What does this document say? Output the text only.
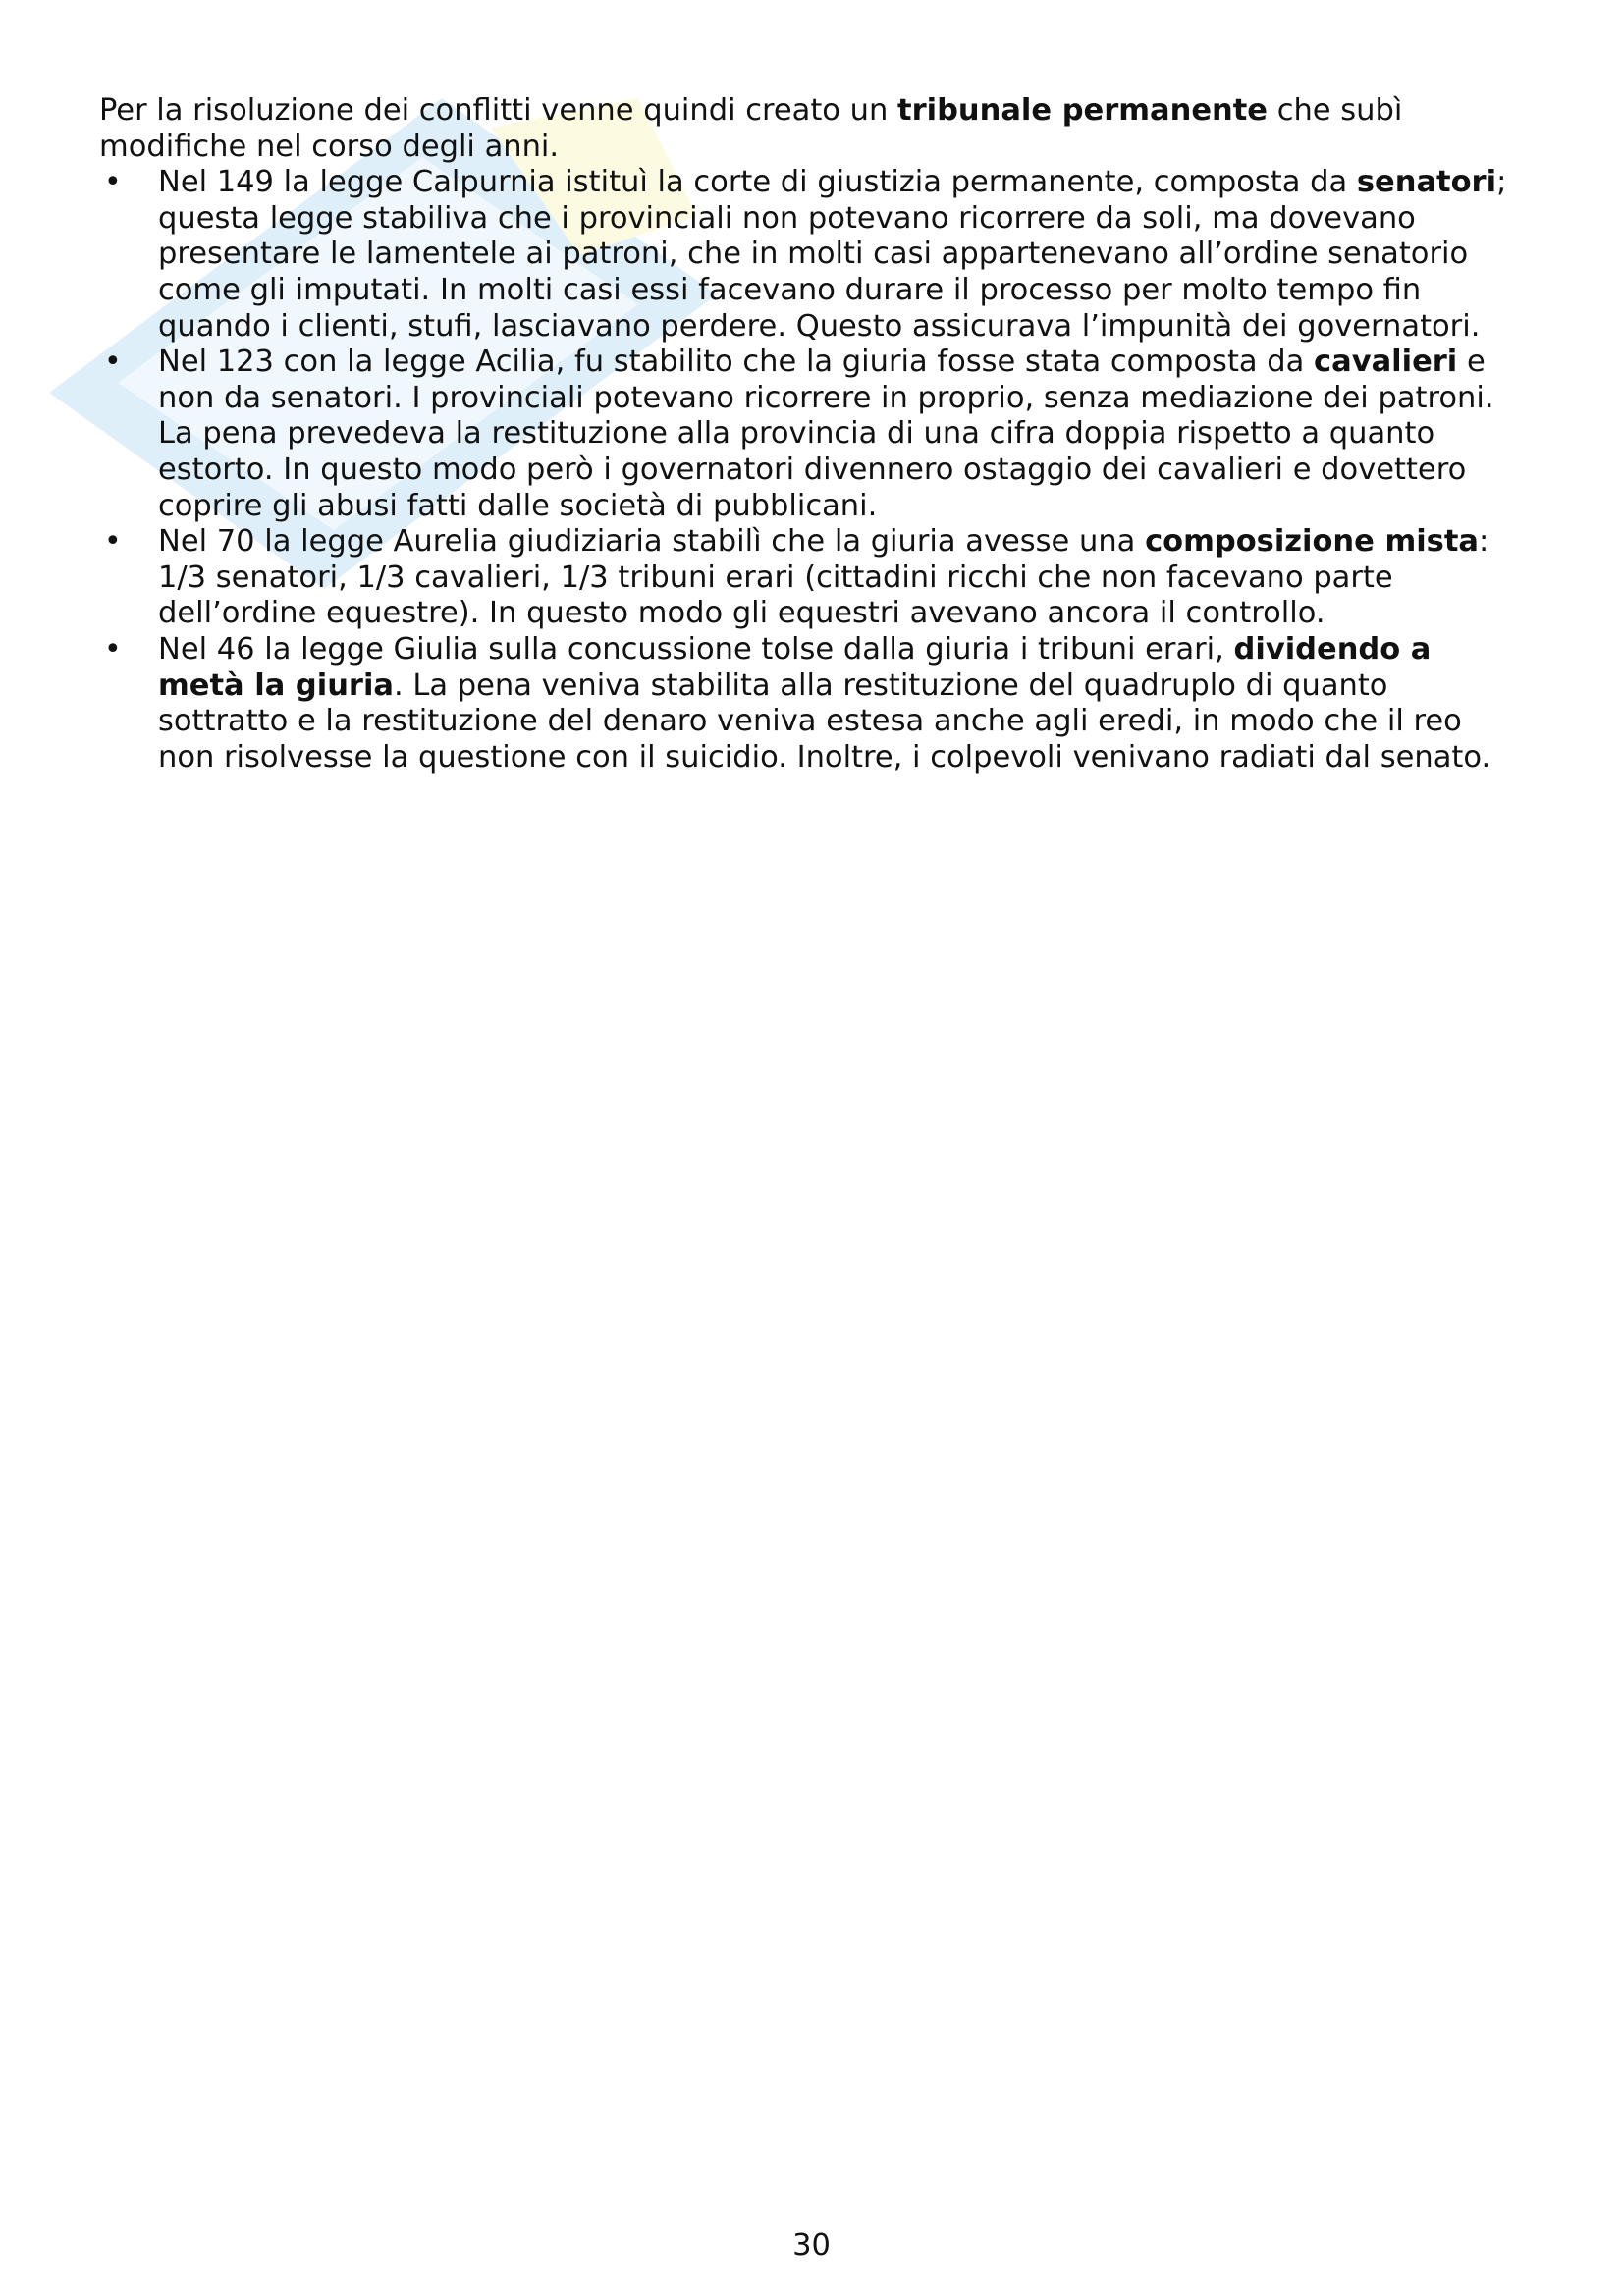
Per la risoluzione dei conflitti venne quindi creato un tribunale permanente che subì
modifiche nel corso degli anni.

• Nel 149 la legge Calpurnia istituì la corte di giustizia permanente, composta da senatori;
questa legge stabiliva che i provinciali non potevano ricorrere da soli, ma dovevano
presentare le lamentele ai patroni, che in molti casi appartenevano all’ordine senatorio
come gli imputati. In molti casi essi facevano durare il processo per molto tempo fin
quando i clienti, stufi, lasciavano perdere. Questo assicurava l’impunità dei governatori.
• Nel 123 con la legge Acilia, fu stabilito che la giuria fosse stata composta da cavalieri e
non da senatori. I provinciali potevano ricorrere in proprio, senza mediazione dei patroni.
La pena prevedeva la restituzione alla provincia di una cifra doppia rispetto a quanto
estorto. In questo modo però i governatori divennero ostaggio dei cavalieri e dovettero
coprire gli abusi fatti dalle società di pubblicani.
• Nel 70 la legge Aurelia giudiziaria stabilì che la giuria avesse una composizione mista:
1/3 senatori, 1/3 cavalieri, 1/3 tribuni erari (cittadini ricchi che non facevano parte
dell’ordine equestre). In questo modo gli equestri avevano ancora il controllo.
• Nel 46 la legge Giulia sulla concussione tolse dalla giuria i tribuni erari, dividendo a
metà la giuria. La pena veniva stabilita alla restituzione del quadruplo di quanto
sottratto e la restituzione del denaro veniva estesa anche agli eredi, in modo che il reo
non risolvesse la questione con il suicidio. Inoltre, i colpevoli venivano radiati dal senato.
30
